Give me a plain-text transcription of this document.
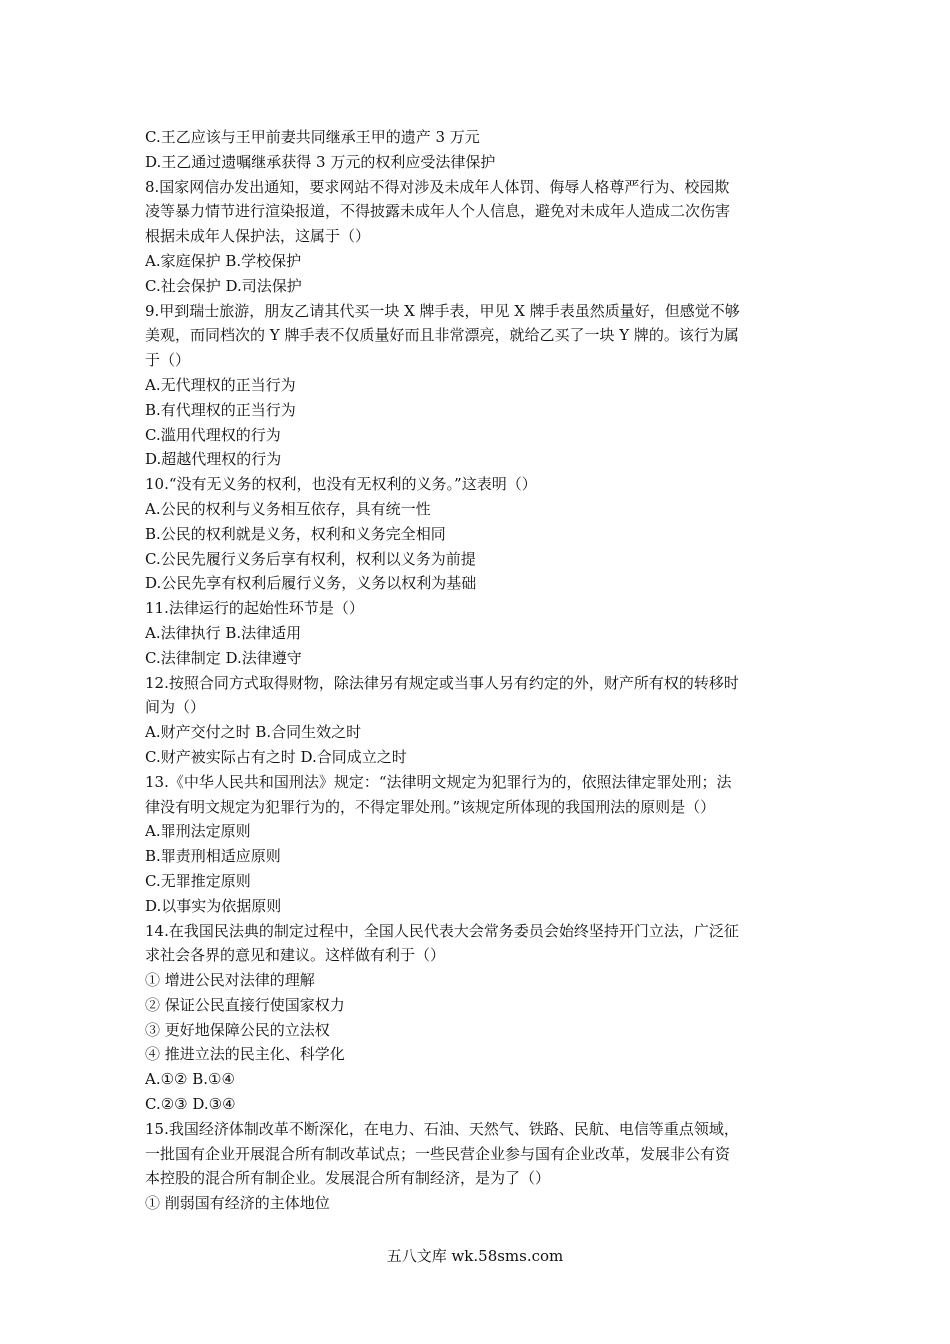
C.王乙应该与王甲前妻共同继承王甲的遗产 3 万元
D.王乙通过遗嘱继承获得 3 万元的权利应受法律保护
8.国家网信办发出通知，要求网站不得对涉及未成年人体罚、侮辱人格尊严行为、校园欺
凌等暴力情节进行渲染报道，不得披露未成年人个人信息，避免对未成年人造成二次伤害
根据未成年人保护法，这属于（）
A.家庭保护 B.学校保护
C.社会保护 D.司法保护
9.甲到瑞士旅游，朋友乙请其代买一块 X 牌手表，甲见 X 牌手表虽然质量好，但感觉不够
美观，而同档次的 Y 牌手表不仅质量好而且非常漂亮，就给乙买了一块 Y 牌的。该行为属
于（）
A.无代理权的正当行为
B.有代理权的正当行为
C.滥用代理权的行为
D.超越代理权的行为
10.“没有无义务的权利，也没有无权利的义务。”这表明（）
A.公民的权利与义务相互依存，具有统一性
B.公民的权利就是义务，权利和义务完全相同
C.公民先履行义务后享有权利，权利以义务为前提
D.公民先享有权利后履行义务，义务以权利为基础
11.法律运行的起始性环节是（）
A.法律执行 B.法律适用
C.法律制定 D.法律遵守
12.按照合同方式取得财物，除法律另有规定或当事人另有约定的外，财产所有权的转移时
间为（）
A.财产交付之时 B.合同生效之时
C.财产被实际占有之时 D.合同成立之时
13.《中华人民共和国刑法》规定：“法律明文规定为犯罪行为的，依照法律定罪处刑；法
律没有明文规定为犯罪行为的，不得定罪处刑。”该规定所体现的我国刑法的原则是（）
A.罪刑法定原则
B.罪责刑相适应原则
C.无罪推定原则
D.以事实为依据原则
14.在我国民法典的制定过程中，全国人民代表大会常务委员会始终坚持开门立法，广泛征
求社会各界的意见和建议。这样做有利于（）
① 增进公民对法律的理解
② 保证公民直接行使国家权力
③ 更好地保障公民的立法权
④ 推进立法的民主化、科学化
A.①② B.①④
C.②③ D.③④
15.我国经济体制改革不断深化，在电力、石油、天然气、铁路、民航、电信等重点领域，
一批国有企业开展混合所有制改革试点；一些民营企业参与国有企业改革，发展非公有资
本控股的混合所有制企业。发展混合所有制经济，是为了（）
① 削弱国有经济的主体地位
五八文库 wk.58sms.com
